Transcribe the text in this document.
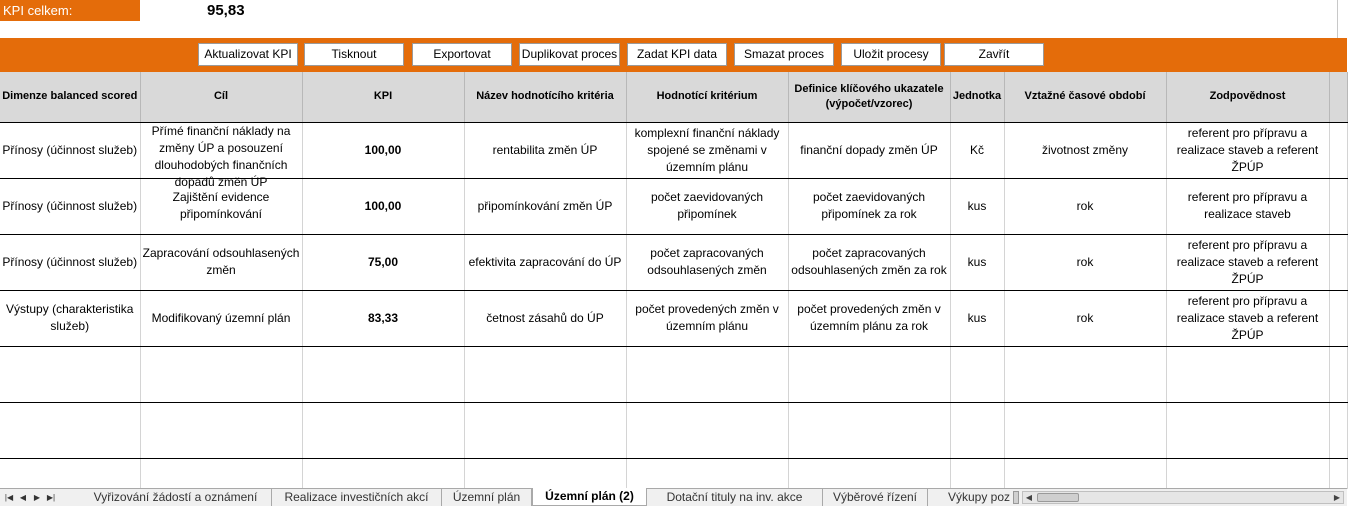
KPI celkem:	95,83
Aktualizovat KPI	Tisknout	Exportovat	Duplikovat proces	Zadat KPI data	Smazat proces	Uložit procesy	Zavřít
Dimenze balanced scored	Cíl	KPI	Název hodnotícího kritéria	Hodnotící kritérium	Definice klíčového ukazatele (výpočet/vzorec)	Jednotka	Vztažné časové období	Zodpovědnost	

Přínosy (účinnost služeb)	Přímé finanční náklady na změny ÚP a posouzení dlouhodobých finančních dopadů změn ÚP	100,00	rentabilita změn ÚP	komplexní finanční náklady spojené se změnami v územním plánu	finanční dopady změn ÚP	Kč	životnost změny	referent pro přípravu a realizace staveb a referent ŽPÚP	

Přínosy (účinnost služeb)	Zajištění evidence připomínkování	100,00	připomínkování změn ÚP	počet zaevidovaných připomínek	počet zaevidovaných připomínek za rok	kus	rok	referent pro přípravu a realizace staveb	

Přínosy (účinnost služeb)	Zapracování odsouhlasených změn	75,00	efektivita zapracování do ÚP	počet zapracovaných odsouhlasených změn	počet zapracovaných odsouhlasených změn za rok	kus	rok	referent pro přípravu a realizace staveb a referent ŽPÚP	

Výstupy (charakteristika služeb)	Modifikovaný územní plán	83,33	četnost zásahů do ÚP	počet provedených změn v územním plánu	počet provedených změn v územním plánu za rok	kus	rok	referent pro přípravu a realizace staveb a referent ŽPÚP	

|◀ ◀ ▶ ▶|	Vyřizování žádostí a oznámení	Realizace investičních akcí	Územní plán	Územní plán (2)	Dotační tituly na inv. akce	Výběrové řízení	Výkupy poz	◀	▶
